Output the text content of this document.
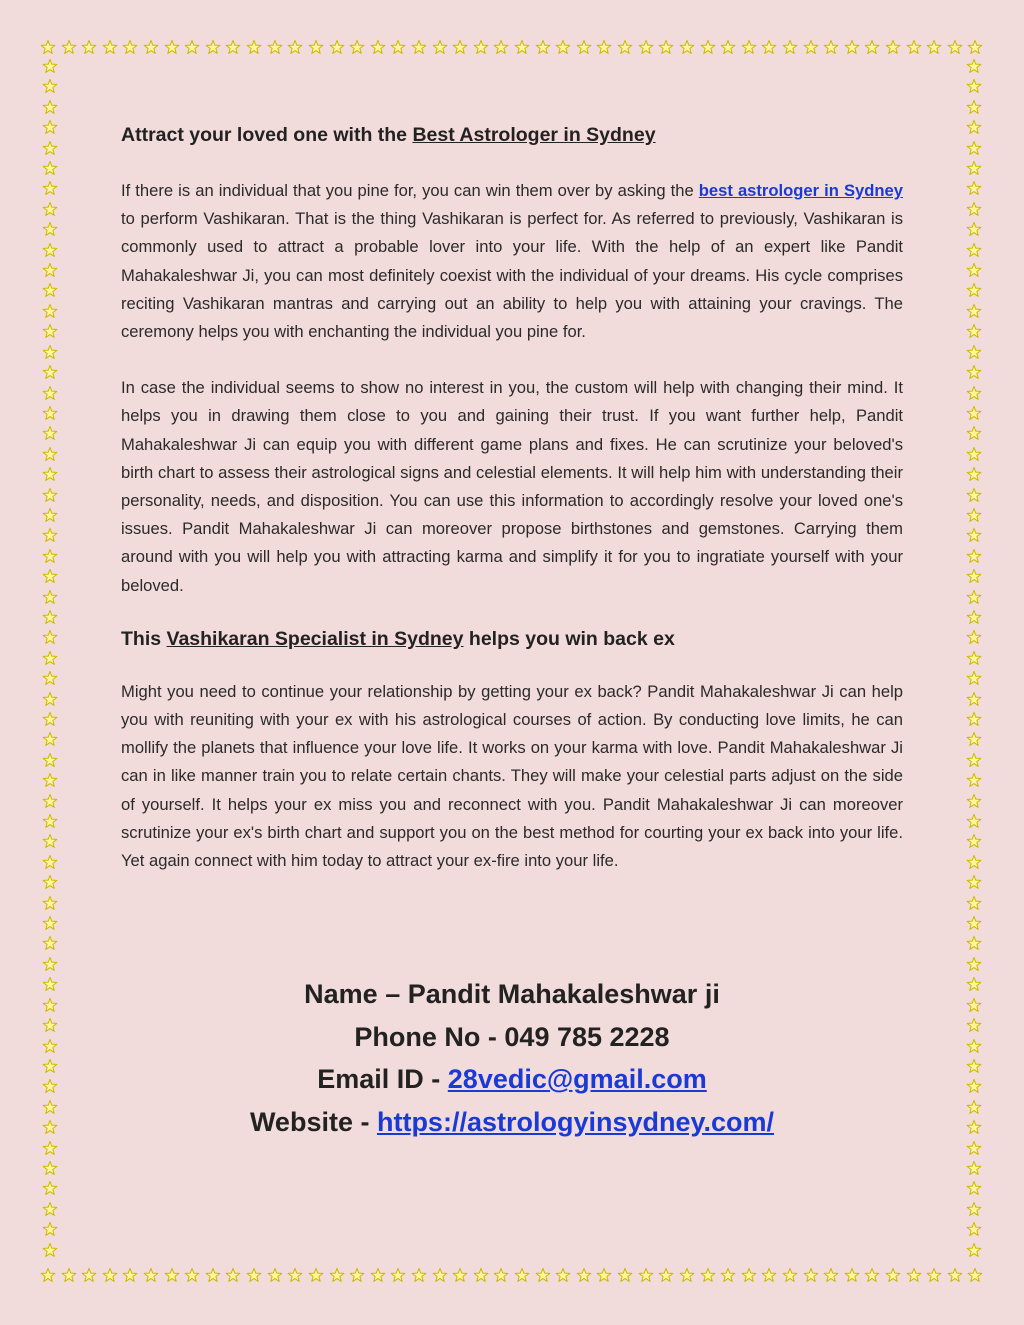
Attract your loved one with the Best Astrologer in Sydney

If there is an individual that you pine for, you can win them over by asking the best astrologer in Sydney to perform Vashikaran. That is the thing Vashikaran is perfect for. As referred to previously, Vashikaran is commonly used to attract a probable lover into your life. With the help of an expert like Pandit Mahakaleshwar Ji, you can most definitely coexist with the individual of your dreams. His cycle comprises reciting Vashikaran mantras and carrying out an ability to help you with attaining your cravings. The ceremony helps you with enchanting the individual you pine for.

In case the individual seems to show no interest in you, the custom will help with changing their mind. It helps you in drawing them close to you and gaining their trust. If you want further help, Pandit Mahakaleshwar Ji can equip you with different game plans and fixes. He can scrutinize your beloved's birth chart to assess their astrological signs and celestial elements. It will help him with understanding their personality, needs, and disposition. You can use this information to accordingly resolve your loved one's issues. Pandit Mahakaleshwar Ji can moreover propose birthstones and gemstones. Carrying them around with you will help you with attracting karma and simplify it for you to ingratiate yourself with your beloved.

This Vashikaran Specialist in Sydney helps you win back ex

Might you need to continue your relationship by getting your ex back? Pandit Mahakaleshwar Ji can help you with reuniting with your ex with his astrological courses of action. By conducting love limits, he can mollify the planets that influence your love life. It works on your karma with love. Pandit Mahakaleshwar Ji can in like manner train you to relate certain chants. They will make your celestial parts adjust on the side of yourself. It helps your ex miss you and reconnect with you. Pandit Mahakaleshwar Ji can moreover scrutinize your ex's birth chart and support you on the best method for courting your ex back into your life. Yet again connect with him today to attract your ex-fire into your life.

Name – Pandit Mahakaleshwar ji
Phone No - 049 785 2228
Email ID - 28vedic@gmail.com
Website - https://astrologyinsydney.com/
